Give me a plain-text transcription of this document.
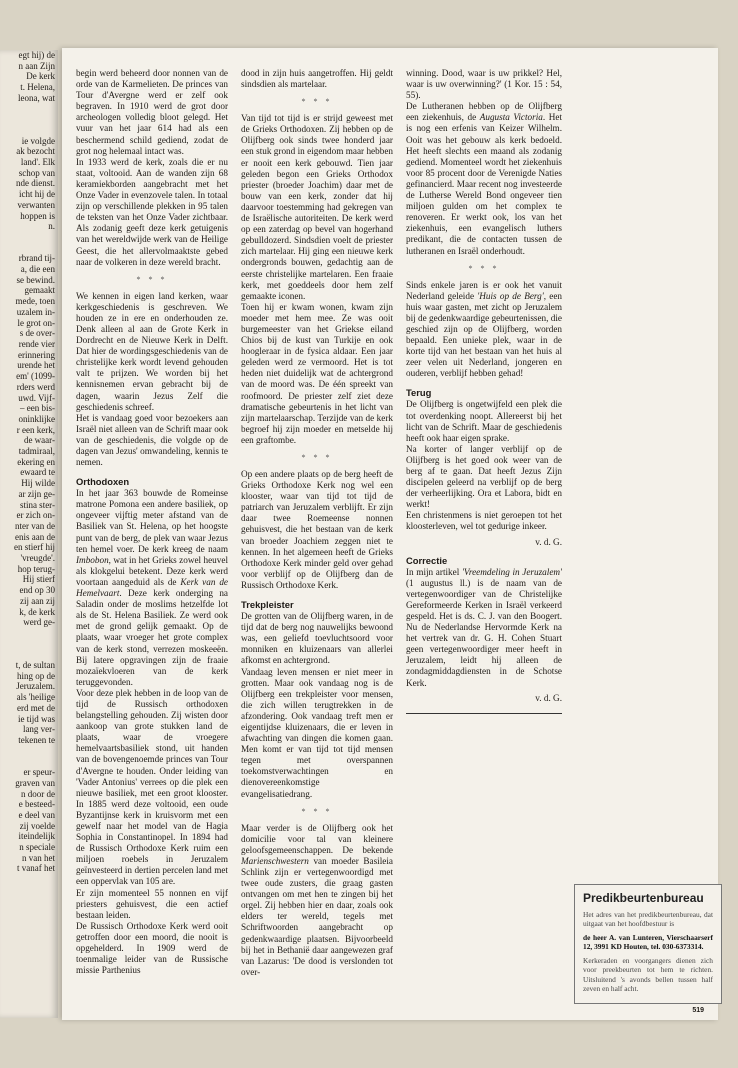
egt hij) de
n aan Zijn
De kerk
t. Helena,
leona, wat

ie volgde
ak bezocht
land'. Elk
schop van
nde dienst.
icht hij de
verwanten
hoppen is
n.

rbrand tij-
a, die een
se bewind.
gemaakt
mede, toen
uzalem in-
le grot on-
s de over-
rende vier
erinnering
urende het
em' (1099-
rders werd
uwd. Vijf-
– een bis-
oninklijke
r een kerk,
de waar-
tadmiraal,
ekering en
ewaard te
Hij wilde
ar zijn ge-
stina ster-
er zich on-
nter van de
enis aan de
en stierf hij
'vreugde'.
hop terug-
Hij stierf
end op 30
zij aan zij
k, de kerk
werd ge-

t, de sultan
hing op de
Jeruzalem.
als 'heilige
erd met de
ie tijd was
lang ver-
tekenen te

er speur-
graven van
n door de
e besteed-
e deel van
zij voelde
iteindelijk
n speciale
n van het
t vanaf het

begin werd beheerd door nonnen van de orde van de Karmelieten. De princes van Tour d'Avergne werd er zelf ook begraven. In 1910 werd de grot door archeologen volledig bloot gelegd. Het vuur van het jaar 614 had als een beschermend schild gediend, zodat de grot nog helemaal intact was.

In 1933 werd de kerk, zoals die er nu staat, voltooid. Aan de wanden zijn 68 keramiekborden aangebracht met het Onze Vader in evenzovele talen. In totaal zijn op verschillende plekken in 95 talen de teksten van het Onze Vader zichtbaar. Als zodanig geeft deze kerk getuigenis van het wereldwijde werk van de Heilige Geest, die het allervolmaaktste gebed naar de volkeren in deze wereld bracht.

* * *

We kennen in eigen land kerken, waar kerkgeschiedenis is geschreven. We houden ze in ere en onderhouden ze. Denk alleen al aan de Grote Kerk in Dordrecht en de Nieuwe Kerk in Delft. Dat hier de wordingsgeschiedenis van de christelijke kerk wordt levend gehouden valt te prijzen. We worden bij het kennisnemen ervan gebracht bij de dagen, waarin Jezus Zelf die geschiedenis schreef.

Het is vandaag goed voor bezoekers aan Israël niet alleen van de Schrift maar ook van de geschiedenis, die volgde op de dagen van Jezus' omwandeling, kennis te nemen.

Orthodoxen

In het jaar 363 bouwde de Romeinse matrone Pomona een andere basiliek, op ongeveer vijftig meter afstand van de Basiliek van St. Helena, op het hoogste punt van de berg, de plek van waar Jezus ten hemel voer. De kerk kreeg de naam Imbobon, wat in het Grieks zowel heuvel als klokgelui betekent. Deze kerk werd voortaan aangeduid als de Kerk van de Hemelvaart. Deze kerk onderging na Saladin onder de moslims hetzelfde lot als de St. Helena Basiliek. Ze werd ook met de grond gelijk gemaakt. Op de plaats, waar vroeger het grote complex van de kerk stond, verrezen moskeeën. Bij latere opgravingen zijn de fraaie mozaïekvloeren van de kerk teruggevonden.

Voor deze plek hebben in de loop van de tijd de Russisch orthodoxen belangstelling gehouden. Zij wisten door aankoop van grote stukken land de plaats, waar de vroegere hemelvaartsbasiliek stond, uit handen van de bovengenoemde princes van Tour d'Avergne te houden. Onder leiding van 'Vader Antonius' verrees op die plek een nieuwe basiliek, met een groot klooster. In 1885 werd deze voltooid, een oude Byzantijnse kerk in kruisvorm met een gewelf naar het model van de Hagia Sophia in Constantinopel. In 1894 had de Russisch Orthodoxe Kerk ruim een miljoen roebels in Jeruzalem geïnvesteerd in dertien percelen land met een oppervlak van 105 are.

Er zijn momenteel 55 nonnen en vijf priesters gehuisvest, die een actief bestaan leiden.

De Russisch Orthodoxe Kerk werd ooit getroffen door een moord, die nooit is opgehelderd. In 1909 werd de toenmalige leider van de Russische missie Parthenius

dood in zijn huis aangetroffen. Hij geldt sindsdien als martelaar.

* * *

Van tijd tot tijd is er strijd geweest met de Grieks Orthodoxen. Zij hebben op de Olijfberg ook sinds twee honderd jaar een stuk grond in eigendom maar hebben er nooit een kerk gebouwd. Tien jaar geleden begon een Grieks Orthodox priester (broeder Joachim) daar met de bouw van een kerk, zonder dat hij daarvoor toestemming had gekregen van de Israëlische autoriteiten. De kerk werd op een zaterdag op bevel van hogerhand gebulldozerd. Sindsdien voelt de priester zich martelaar. Hij ging een nieuwe kerk ondergronds bouwen, gedachtig aan de eerste christelijke martelaren. Een fraaie kerk, met goeddeels door hem zelf gemaakte iconen.

Toen hij er kwam wonen, kwam zijn moeder met hem mee. Ze was ooit burgemeester van het Griekse eiland Chios bij de kust van Turkije en ook hoogleraar in de fysica aldaar. Een jaar geleden werd ze vermoord. Het is tot heden niet duidelijk wat de achtergrond van de moord was. De één spreekt van roofmoord. De priester zelf ziet deze dramatische gebeurtenis in het licht van zijn martelaarschap. Terzijde van de kerk begroef hij zijn moeder en metselde hij een graftombe.

* * *

Op een andere plaats op de berg heeft de Grieks Orthodoxe Kerk nog wel een klooster, waar van tijd tot tijd de patriarch van Jeruzalem verblijft. Er zijn daar twee Roemeense nonnen gehuisvest, die het bestaan van de kerk van broeder Joachiem zeggen niet te kennen. In het algemeen heeft de Grieks Orthodoxe Kerk minder geld over gehad voor verblijf op de Olijfberg dan de Russisch Orthodoxe Kerk.

Trekpleister

De grotten van de Olijfberg waren, in de tijd dat de berg nog nauwelijks bewoond was, een geliefd toevluchtsoord voor monniken en kluizenaars van allerlei afkomst en achtergrond.

Vandaag leven mensen er niet meer in grotten. Maar ook vandaag nog is de Olijfberg een trekpleister voor mensen, die zich willen terugtrekken in de afzondering. Ook vandaag treft men er eigentijdse kluizenaars, die er leven in afwachting van dingen die komen gaan. Men komt er van tijd tot tijd mensen tegen met overspannen toekomstverwachtingen en dienovereenkomstige evangelisatiedrang.

* * *

Maar verder is de Olijfberg ook het domicilie voor tal van kleinere geloofsgemeenschappen. De bekende Marienschwestern van moeder Basileia Schlink zijn er vertegenwoordigd met twee oude zusters, die graag gasten ontvangen om met hen te zingen bij het orgel. Zij hebben hier en daar, zoals ook elders ter wereld, tegels met Schriftwoorden aangebracht op gedenkwaardige plaatsen. Bijvoorbeeld bij het in Bethanië daar aangewezen graf van Lazarus: 'De dood is verslonden tot over-

winning. Dood, waar is uw prikkel? Hel, waar is uw overwinning?' (1 Kor. 15 : 54, 55).

De Lutheranen hebben op de Olijfberg een ziekenhuis, de Augusta Victoria. Het is nog een erfenis van Keizer Wilhelm. Ooit was het gebouw als kerk bedoeld. Het heeft slechts een maand als zodanig gediend. Momenteel wordt het ziekenhuis voor 85 procent door de Verenigde Naties gefinancierd. Maar recent nog investeerde de Lutherse Wereld Bond ongeveer tien miljoen gulden om het complex te renoveren. Er werkt ook, los van het ziekenhuis, een evangelisch luthers predikant, die de contacten tussen de lutheranen en Israël onderhoudt.

* * *

Sinds enkele jaren is er ook het vanuit Nederland geleide 'Huis op de Berg', een huis waar gasten, met zicht op Jeruzalem bij de gedenkwaardige gebeurtenissen, die geschied zijn op de Olijfberg, worden bepaald. Een unieke plek, waar in de korte tijd van het bestaan van het huis al zeer velen uit Nederland, jongeren en ouderen, verblijf hebben gehad!

Terug

De Olijfberg is ongetwijfeld een plek die tot overdenking noopt. Allereerst bij het licht van de Schrift. Maar de geschiedenis heeft ook haar eigen sprake.

Na korter of langer verblijf op de Olijfberg is het goed ook weer van de berg af te gaan. Dat heeft Jezus Zijn discipelen geleerd na verblijf op de berg der verheerlijking. Ora et Labora, bidt en werkt!

Een christenmens is niet geroepen tot het kloosterleven, wel tot gedurige inkeer.

v. d. G.
Correctie

In mijn artikel 'Vreemdeling in Jeruzalem' (1 augustus ll.) is de naam van de vertegenwoordiger van de Christelijke Gereformeerde Kerken in Israël verkeerd gespeld. Het is ds. C. J. van den Boogert. Nu de Nederlandse Hervormde Kerk na het vertrek van dr. G. H. Cohen Stuart geen vertegenwoordiger meer heeft in Jeruzalem, leidt hij alleen de zondagmiddagdiensten in de Schotse Kerk.

v. d. G.
Predikbeurtenbureau

Het adres van het predikbeurtenbureau, dat uitgaat van het hoofdbestuur is

de heer A. van Lunteren, Vierschaarserf 12, 3991 KD Houten, tel. 030-6373314.

Kerkeraden en voorgangers dienen zich voor preekbeurten tot hem te richten. Uitsluitend 's avonds bellen tussen half zeven en half acht.

519
